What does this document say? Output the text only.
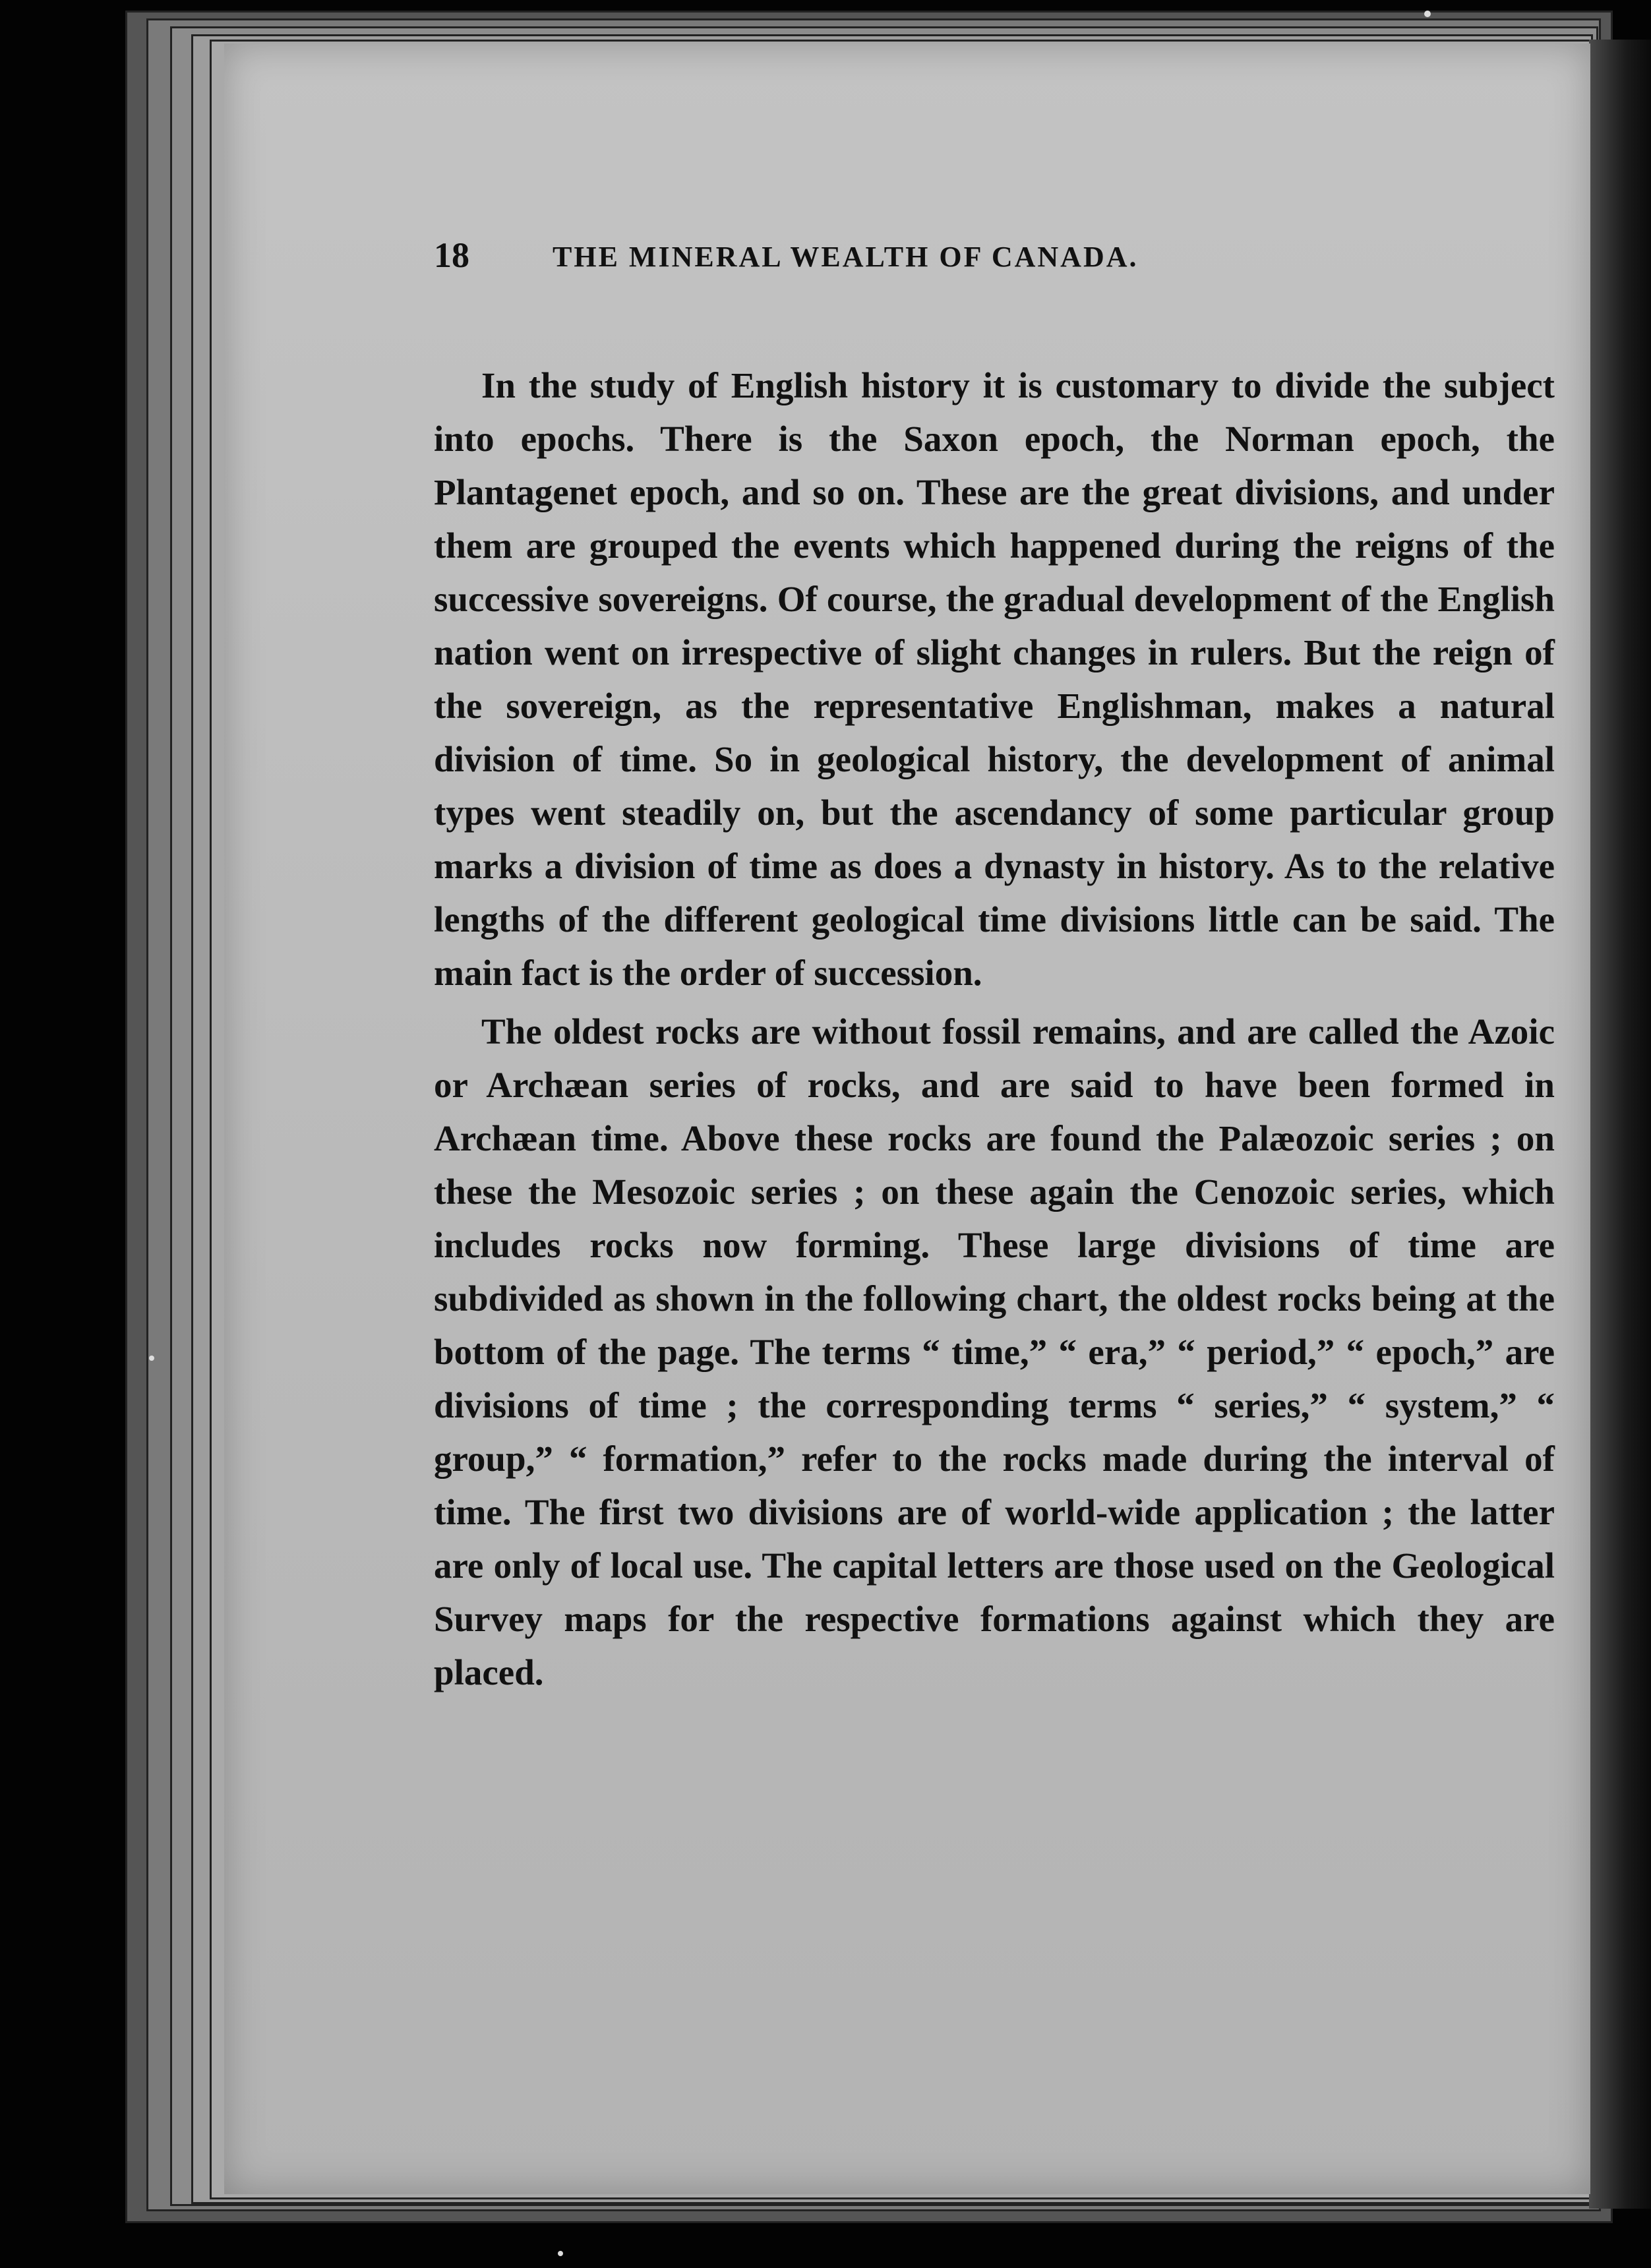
18	THE MINERAL WEALTH OF CANADA.

In the study of English history it is customary to divide the subject into epochs. There is the Saxon epoch, the Norman epoch, the Plantagenet epoch, and so on. These are the great divisions, and under them are grouped the events which happened during the reigns of the successive sovereigns. Of course, the gradual development of the English nation went on irrespective of slight changes in rulers. But the reign of the sovereign, as the representative Englishman, makes a natural division of time. So in geological history, the development of animal types went steadily on, but the ascendancy of some particular group marks a division of time as does a dynasty in history. As to the relative lengths of the different geological time divisions little can be said. The main fact is the order of succession.

The oldest rocks are without fossil remains, and are called the Azoic or Archæan series of rocks, and are said to have been formed in Archæan time. Above these rocks are found the Palæozoic series ; on these the Mesozoic series ; on these again the Cenozoic series, which includes rocks now forming. These large divisions of time are subdivided as shown in the following chart, the oldest rocks being at the bottom of the page. The terms “ time,” “ era,” “ period,” “ epoch,” are divisions of time ; the corresponding terms “ series,” “ system,” “ group,” “ formation,” refer to the rocks made during the interval of time. The first two divisions are of world-wide application ; the latter are only of local use. The capital letters are those used on the Geological Survey maps for the respective formations against which they are placed.
